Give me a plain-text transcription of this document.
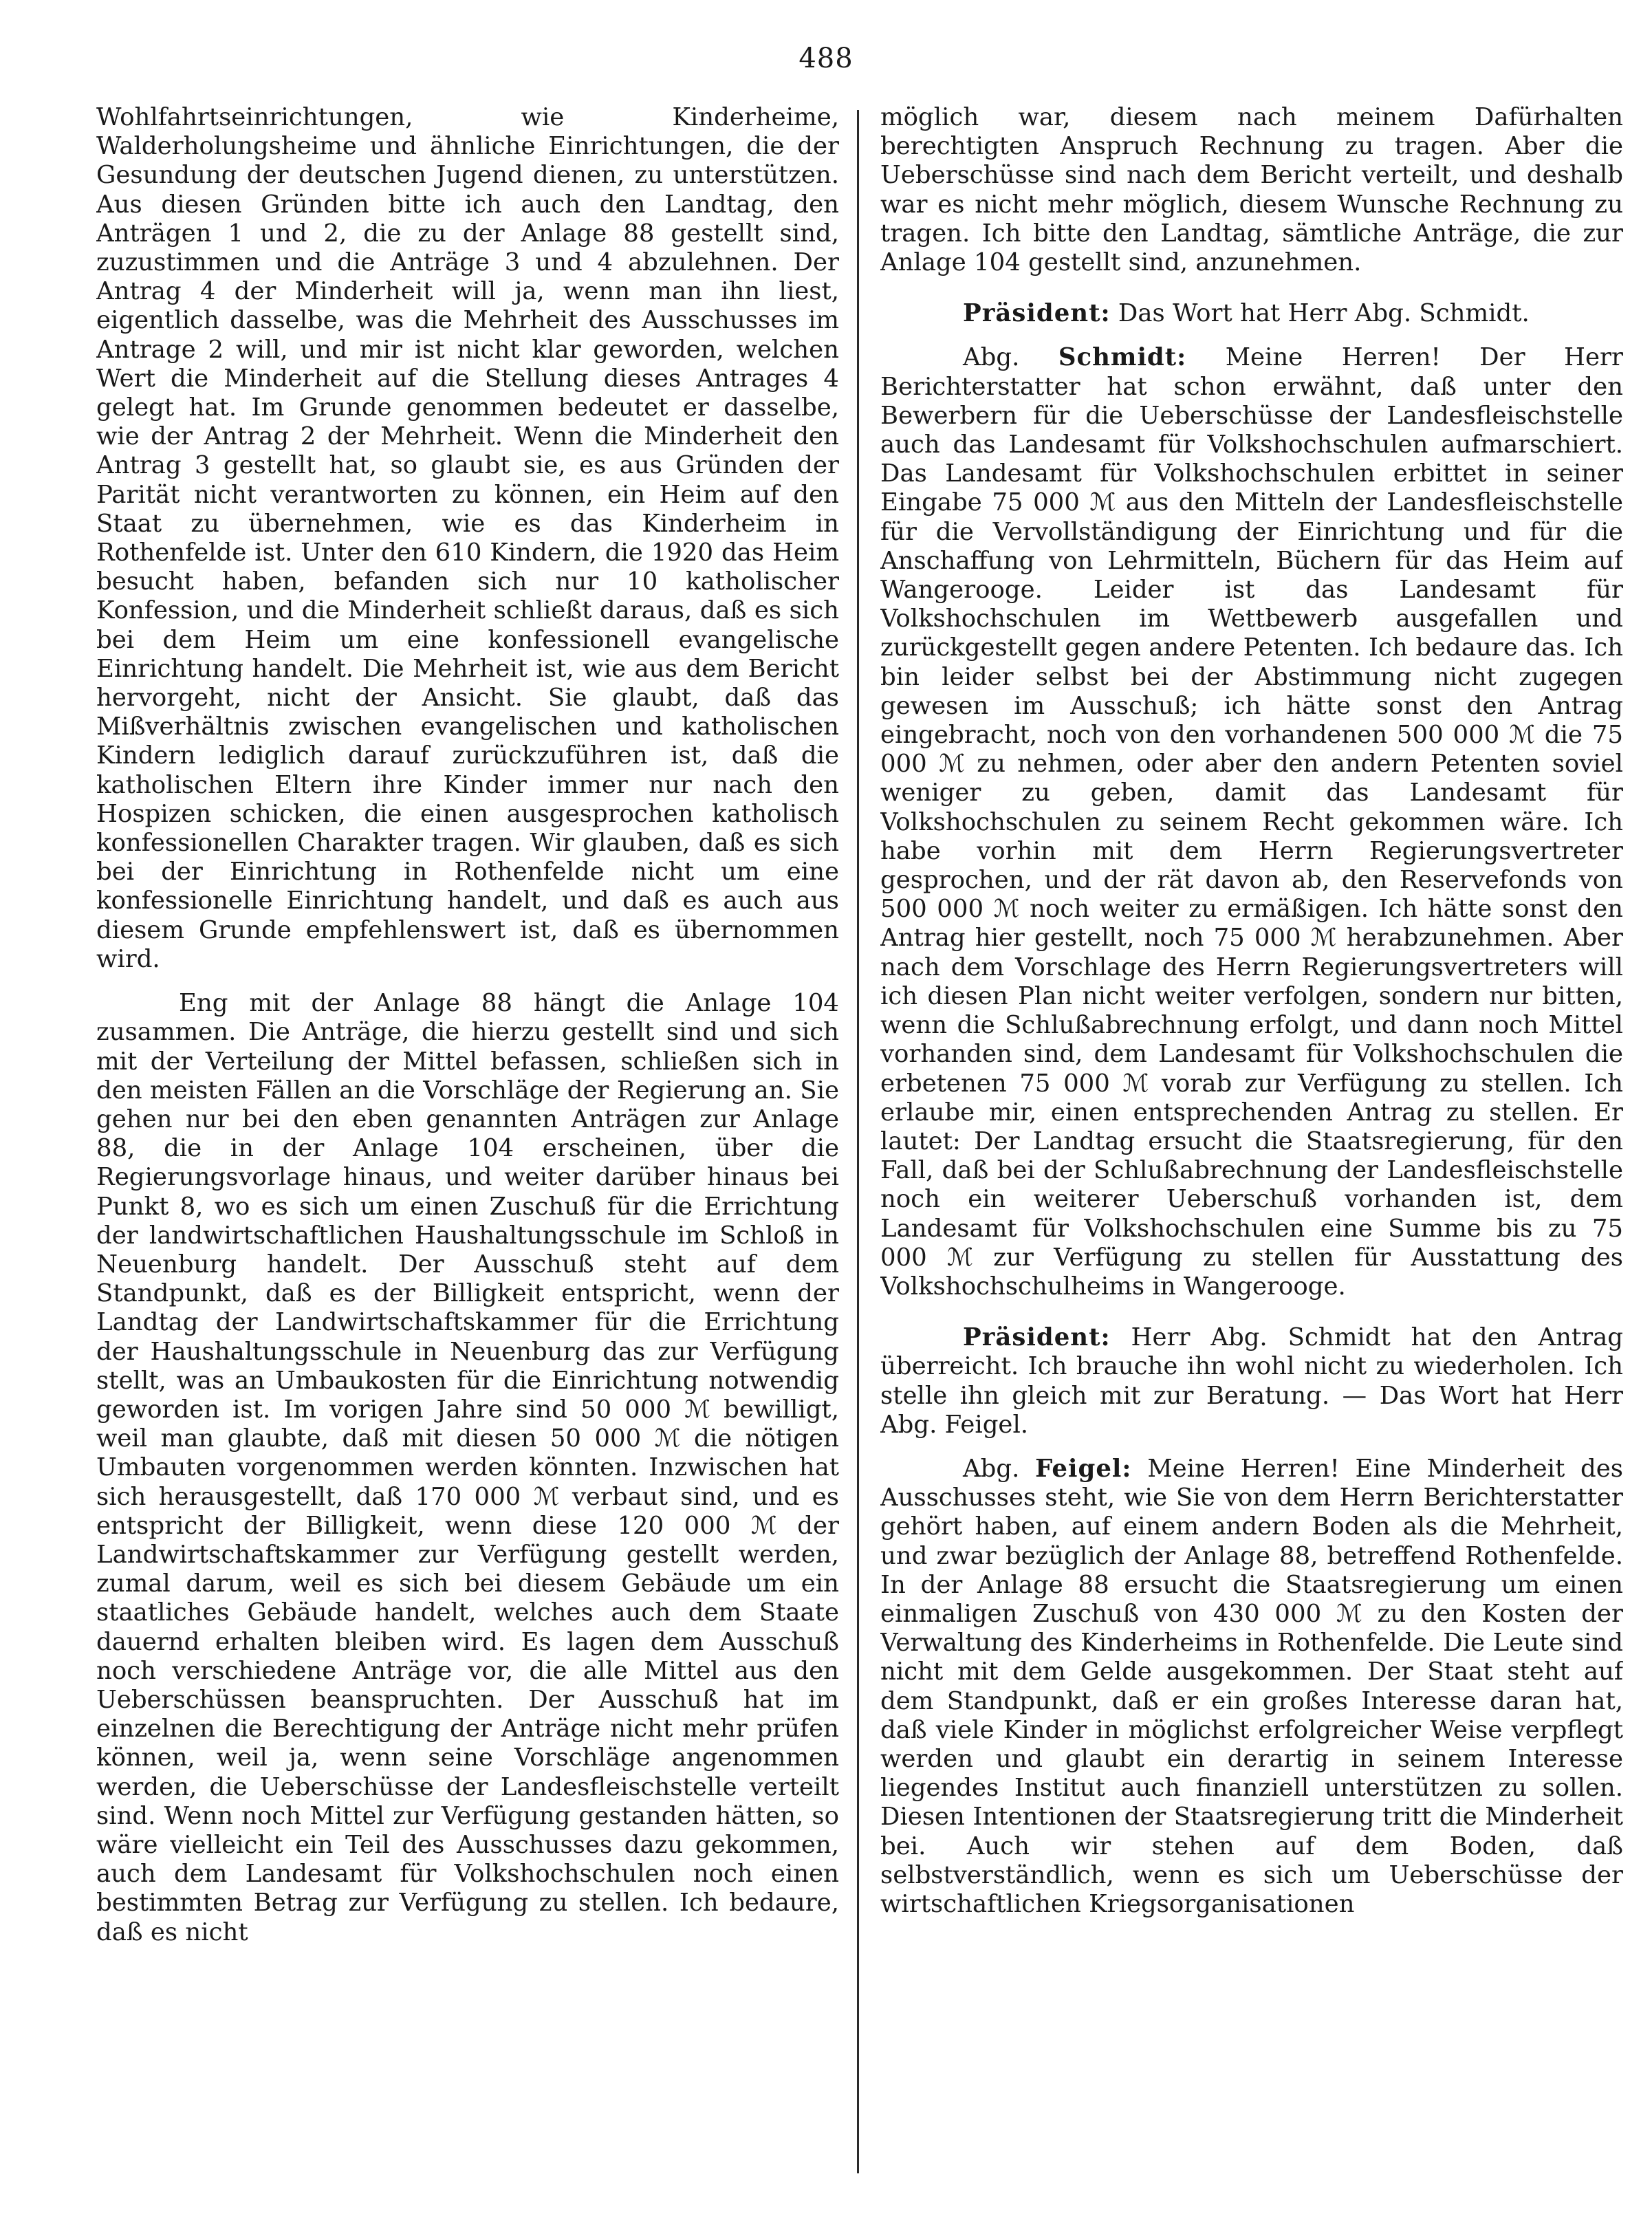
488

Wohlfahrtseinrichtungen, wie Kinderheime, Walderholungsheime und ähnliche Einrichtungen, die der Gesundung der deutschen Jugend dienen, zu unterstützen. Aus diesen Gründen bitte ich auch den Landtag, den Anträgen 1 und 2, die zu der Anlage 88 gestellt sind, zuzustimmen und die Anträge 3 und 4 abzulehnen. Der Antrag 4 der Minderheit will ja, wenn man ihn liest, eigentlich dasselbe, was die Mehrheit des Ausschusses im Antrage 2 will, und mir ist nicht klar geworden, welchen Wert die Minderheit auf die Stellung dieses Antrages 4 gelegt hat. Im Grunde genommen bedeutet er dasselbe, wie der Antrag 2 der Mehrheit. Wenn die Minderheit den Antrag 3 gestellt hat, so glaubt sie, es aus Gründen der Parität nicht verantworten zu können, ein Heim auf den Staat zu übernehmen, wie es das Kinderheim in Rothenfelde ist. Unter den 610 Kindern, die 1920 das Heim besucht haben, befanden sich nur 10 katholischer Konfession, und die Minderheit schließt daraus, daß es sich bei dem Heim um eine konfessionell evangelische Einrichtung handelt. Die Mehrheit ist, wie aus dem Bericht hervorgeht, nicht der Ansicht. Sie glaubt, daß das Mißverhältnis zwischen evangelischen und katholischen Kindern lediglich darauf zurückzuführen ist, daß die katholischen Eltern ihre Kinder immer nur nach den Hospizen schicken, die einen ausgesprochen katholisch konfessionellen Charakter tragen. Wir glauben, daß es sich bei der Einrichtung in Rothenfelde nicht um eine konfessionelle Einrichtung handelt, und daß es auch aus diesem Grunde empfehlenswert ist, daß es übernommen wird.

Eng mit der Anlage 88 hängt die Anlage 104 zusammen. Die Anträge, die hierzu gestellt sind und sich mit der Verteilung der Mittel befassen, schließen sich in den meisten Fällen an die Vorschläge der Regierung an. Sie gehen nur bei den eben genannten Anträgen zur Anlage 88, die in der Anlage 104 erscheinen, über die Regierungsvorlage hinaus, und weiter darüber hinaus bei Punkt 8, wo es sich um einen Zuschuß für die Errichtung der landwirtschaftlichen Haushaltungsschule im Schloß in Neuenburg handelt. Der Ausschuß steht auf dem Standpunkt, daß es der Billigkeit entspricht, wenn der Landtag der Landwirtschaftskammer für die Errichtung der Haushaltungsschule in Neuenburg das zur Verfügung stellt, was an Umbaukosten für die Einrichtung notwendig geworden ist. Im vorigen Jahre sind 50 000 ℳ bewilligt, weil man glaubte, daß mit diesen 50 000 ℳ die nötigen Umbauten vorgenommen werden könnten. Inzwischen hat sich herausgestellt, daß 170 000 ℳ verbaut sind, und es entspricht der Billigkeit, wenn diese 120 000 ℳ der Landwirtschaftskammer zur Verfügung gestellt werden, zumal darum, weil es sich bei diesem Gebäude um ein staatliches Gebäude handelt, welches auch dem Staate dauernd erhalten bleiben wird. Es lagen dem Ausschuß noch verschiedene Anträge vor, die alle Mittel aus den Ueberschüssen beanspruchten. Der Ausschuß hat im einzelnen die Berechtigung der Anträge nicht mehr prüfen können, weil ja, wenn seine Vorschläge angenommen werden, die Ueberschüsse der Landesfleischstelle verteilt sind. Wenn noch Mittel zur Verfügung gestanden hätten, so wäre vielleicht ein Teil des Ausschusses dazu gekommen, auch dem Landesamt für Volkshochschulen noch einen bestimmten Betrag zur Verfügung zu stellen. Ich bedaure, daß es nicht

möglich war, diesem nach meinem Dafürhalten berechtigten Anspruch Rechnung zu tragen. Aber die Ueberschüsse sind nach dem Bericht verteilt, und deshalb war es nicht mehr möglich, diesem Wunsche Rechnung zu tragen. Ich bitte den Landtag, sämtliche Anträge, die zur Anlage 104 gestellt sind, anzunehmen.

Präsident: Das Wort hat Herr Abg. Schmidt.

Abg. Schmidt: Meine Herren! Der Herr Berichterstatter hat schon erwähnt, daß unter den Bewerbern für die Ueberschüsse der Landesfleischstelle auch das Landesamt für Volkshochschulen aufmarschiert. Das Landesamt für Volkshochschulen erbittet in seiner Eingabe 75 000 ℳ aus den Mitteln der Landesfleischstelle für die Vervollständigung der Einrichtung und für die Anschaffung von Lehrmitteln, Büchern für das Heim auf Wangerooge. Leider ist das Landesamt für Volkshochschulen im Wettbewerb ausgefallen und zurückgestellt gegen andere Petenten. Ich bedaure das. Ich bin leider selbst bei der Abstimmung nicht zugegen gewesen im Ausschuß; ich hätte sonst den Antrag eingebracht, noch von den vorhandenen 500 000 ℳ die 75 000 ℳ zu nehmen, oder aber den andern Petenten soviel weniger zu geben, damit das Landesamt für Volkshochschulen zu seinem Recht gekommen wäre. Ich habe vorhin mit dem Herrn Regierungsvertreter gesprochen, und der rät davon ab, den Reservefonds von 500 000 ℳ noch weiter zu ermäßigen. Ich hätte sonst den Antrag hier gestellt, noch 75 000 ℳ herabzunehmen. Aber nach dem Vorschlage des Herrn Regierungsvertreters will ich diesen Plan nicht weiter verfolgen, sondern nur bitten, wenn die Schlußabrechnung erfolgt, und dann noch Mittel vorhanden sind, dem Landesamt für Volkshochschulen die erbetenen 75 000 ℳ vorab zur Verfügung zu stellen. Ich erlaube mir, einen entsprechenden Antrag zu stellen. Er lautet: Der Landtag ersucht die Staatsregierung, für den Fall, daß bei der Schlußabrechnung der Landesfleischstelle noch ein weiterer Ueberschuß vorhanden ist, dem Landesamt für Volkshochschulen eine Summe bis zu 75 000 ℳ zur Verfügung zu stellen für Ausstattung des Volkshochschulheims in Wangerooge.

Präsident: Herr Abg. Schmidt hat den Antrag überreicht. Ich brauche ihn wohl nicht zu wiederholen. Ich stelle ihn gleich mit zur Beratung. — Das Wort hat Herr Abg. Feigel.

Abg. Feigel: Meine Herren! Eine Minderheit des Ausschusses steht, wie Sie von dem Herrn Berichterstatter gehört haben, auf einem andern Boden als die Mehrheit, und zwar bezüglich der Anlage 88, betreffend Rothenfelde. In der Anlage 88 ersucht die Staatsregierung um einen einmaligen Zuschuß von 430 000 ℳ zu den Kosten der Verwaltung des Kinderheims in Rothenfelde. Die Leute sind nicht mit dem Gelde ausgekommen. Der Staat steht auf dem Standpunkt, daß er ein großes Interesse daran hat, daß viele Kinder in möglichst erfolgreicher Weise verpflegt werden und glaubt ein derartig in seinem Interesse liegendes Institut auch finanziell unterstützen zu sollen. Diesen Intentionen der Staatsregierung tritt die Minderheit bei. Auch wir stehen auf dem Boden, daß selbstverständlich, wenn es sich um Ueberschüsse der wirtschaftlichen Kriegsorganisationen
